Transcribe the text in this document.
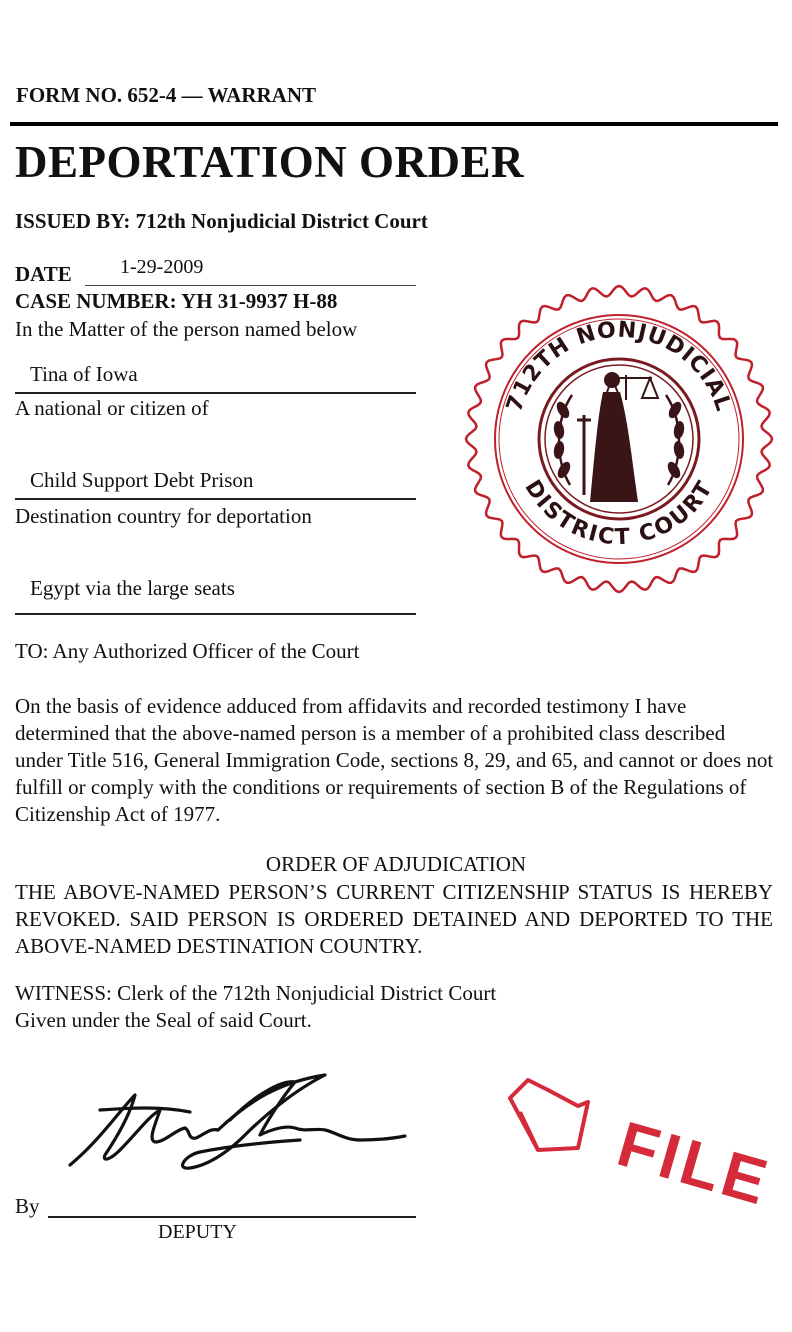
FORM NO. 652-4 — WARRANT
DEPORTATION ORDER
ISSUED BY: 712th Nonjudicial District Court
DATE 1-29-2009
CASE NUMBER: YH 31-9937 H-88
In the Matter of the person named below
Tina of Iowa
A national or citizen of
Child Support Debt Prison
Destination country for deportation
Egypt via the large seats
TO: Any Authorized Officer of the Court
On the basis of evidence adduced from affidavits and recorded testimony I have determined that the above-named person is a member of a prohibited class described under Title 516, General Immigration Code, sections 8, 29, and 65, and cannot or does not fulfill or comply with the conditions or requirements of section B of the Regulations of Citizenship Act of 1977.
ORDER OF ADJUDICATION
THE ABOVE-NAMED PERSON’S CURRENT CITIZENSHIP STATUS IS HEREBY REVOKED. SAID PERSON IS ORDERED DETAINED AND DEPORTED TO THE ABOVE-NAMED DESTINATION COUNTRY.
WITNESS: Clerk of the 712th Nonjudicial District Court
Given under the Seal of said Court.
By
DEPUTY
712TH NONJUDICIAL
DISTRICT COURT
FILE
